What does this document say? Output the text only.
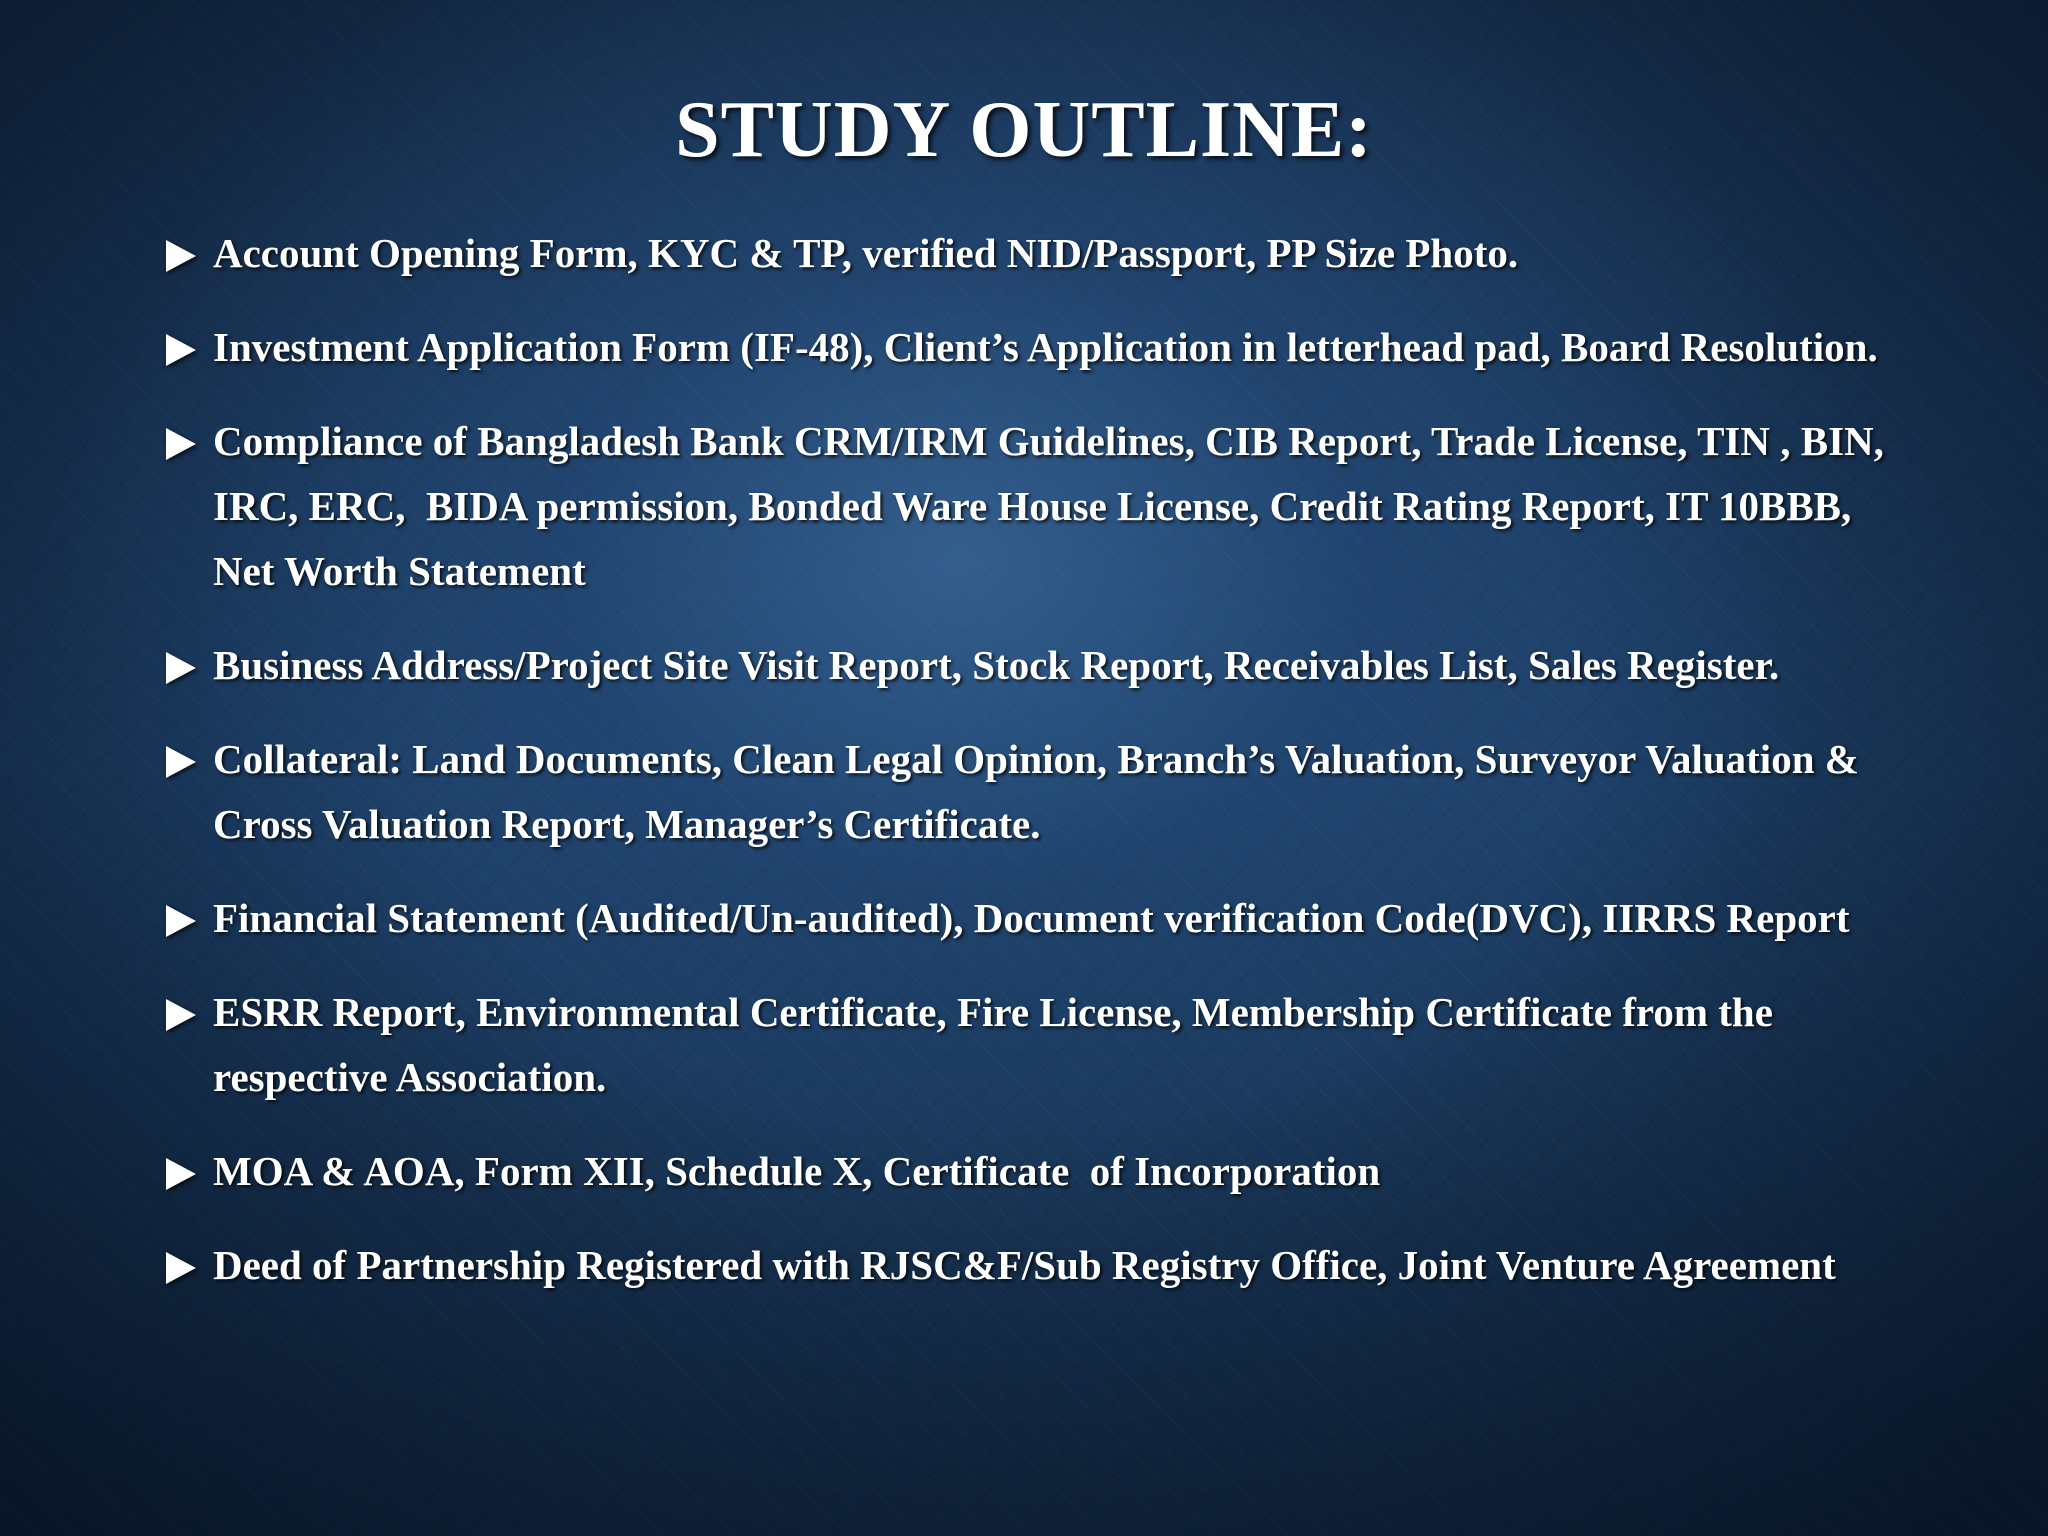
STUDY OUTLINE:
Account Opening Form, KYC & TP, verified NID/Passport, PP Size Photo.
Investment Application Form (IF-48), Client’s Application in letterhead pad, Board Resolution.
Compliance of Bangladesh Bank CRM/IRM Guidelines, CIB Report, Trade License, TIN , BIN, IRC, ERC,  BIDA permission, Bonded Ware House License, Credit Rating Report, IT 10BBB, Net Worth Statement
Business Address/Project Site Visit Report, Stock Report, Receivables List, Sales Register.
Collateral: Land Documents, Clean Legal Opinion, Branch’s Valuation, Surveyor Valuation & Cross Valuation Report, Manager’s Certificate.
Financial Statement (Audited/Un-audited), Document verification Code(DVC), IIRRS Report
ESRR Report, Environmental Certificate, Fire License, Membership Certificate from the respective Association.
MOA & AOA, Form XII, Schedule X, Certificate  of Incorporation
Deed of Partnership Registered with RJSC&F/Sub Registry Office, Joint Venture Agreement
